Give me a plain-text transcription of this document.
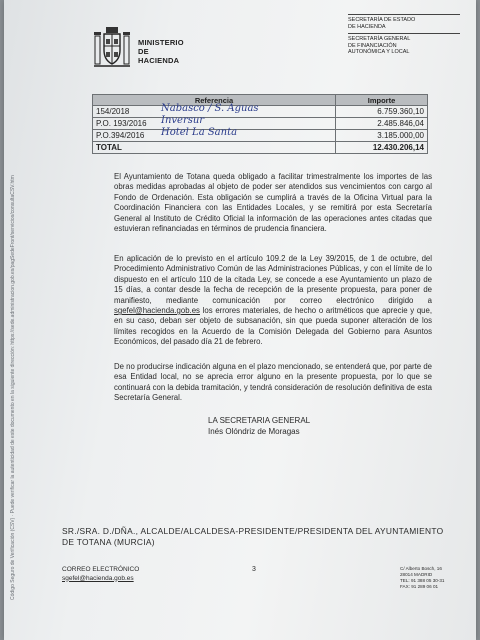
Código Seguro de Verificación (CSV) · Puede verificar la autenticidad de este documento en la siguiente dirección: https://sede.administracion.gob.es/pagSedeFront/servicios/consultaCSV.htm
MINISTERIO
DE HACIENDA
SECRETARÍA DE ESTADO
DE HACIENDA
SECRETARÍA GENERAL
DE FINANCIACIÓN
AUTONÓMICA Y LOCAL
Referencia	Importe
154/2018 Nabasco / S. Aguas	6.759.360,10
P.O. 193/2016 Inversur	2.485.846,04
P.O.394/2016 Hotel La Santa	3.185.000,00
TOTAL	12.430.206,14

El Ayuntamiento de Totana queda obligado a facilitar trimestralmente los importes de las obras medidas aprobadas al objeto de poder ser atendidos sus vencimientos con cargo al Fondo de Ordenación. Esta obligación se cumplirá a través de la Oficina Virtual para la Coordinación Financiera con las Entidades Locales, y se remitirá por esta Secretaría General al Instituto de Crédito Oficial la información de las operaciones antes citadas que estuvieran refinanciadas en términos de prudencia financiera.

En aplicación de lo previsto en el artículo 109.2 de la Ley 39/2015, de 1 de octubre, del Procedimiento Administrativo Común de las Administraciones Públicas, y con el límite de lo dispuesto en el artículo 110 de la citada Ley, se concede a ese Ayuntamiento un plazo de 15 días, a contar desde la fecha de recepción de la presente propuesta, para poner de manifiesto, mediante comunicación por correo electrónico dirigido a sgefel@hacienda.gob.es los errores materiales, de hecho o aritméticos que aprecie y que, en su caso, deban ser objeto de subsanación, sin que pueda suponer alteración de los límites recogidos en la Acuerdo de la Comisión Delegada del Gobierno para Asuntos Económicos, del pasado día 21 de febrero.

De no producirse indicación alguna en el plazo mencionado, se entenderá que, por parte de esa Entidad local, no se aprecia error alguno en la presente propuesta, por lo que se continuará con la debida tramitación, y tendrá consideración de resolución definitiva de esta Secretaría General.

LA SECRETARIA GENERAL
Inés Olóndriz de Moragas
SR./SRA. D./DÑA., ALCALDE/ALCALDESA-PRESIDENTE/PRESIDENTA DEL AYUNTAMIENTO DE TOTANA (MURCIA)
CORREO ELECTRÓNICO
sgefel@hacienda.gob.es
3	C/ Alberto Bosch, 16
28014 MADRID
TEL: 91 388 05 30-31
FAX: 91 289 06 01
